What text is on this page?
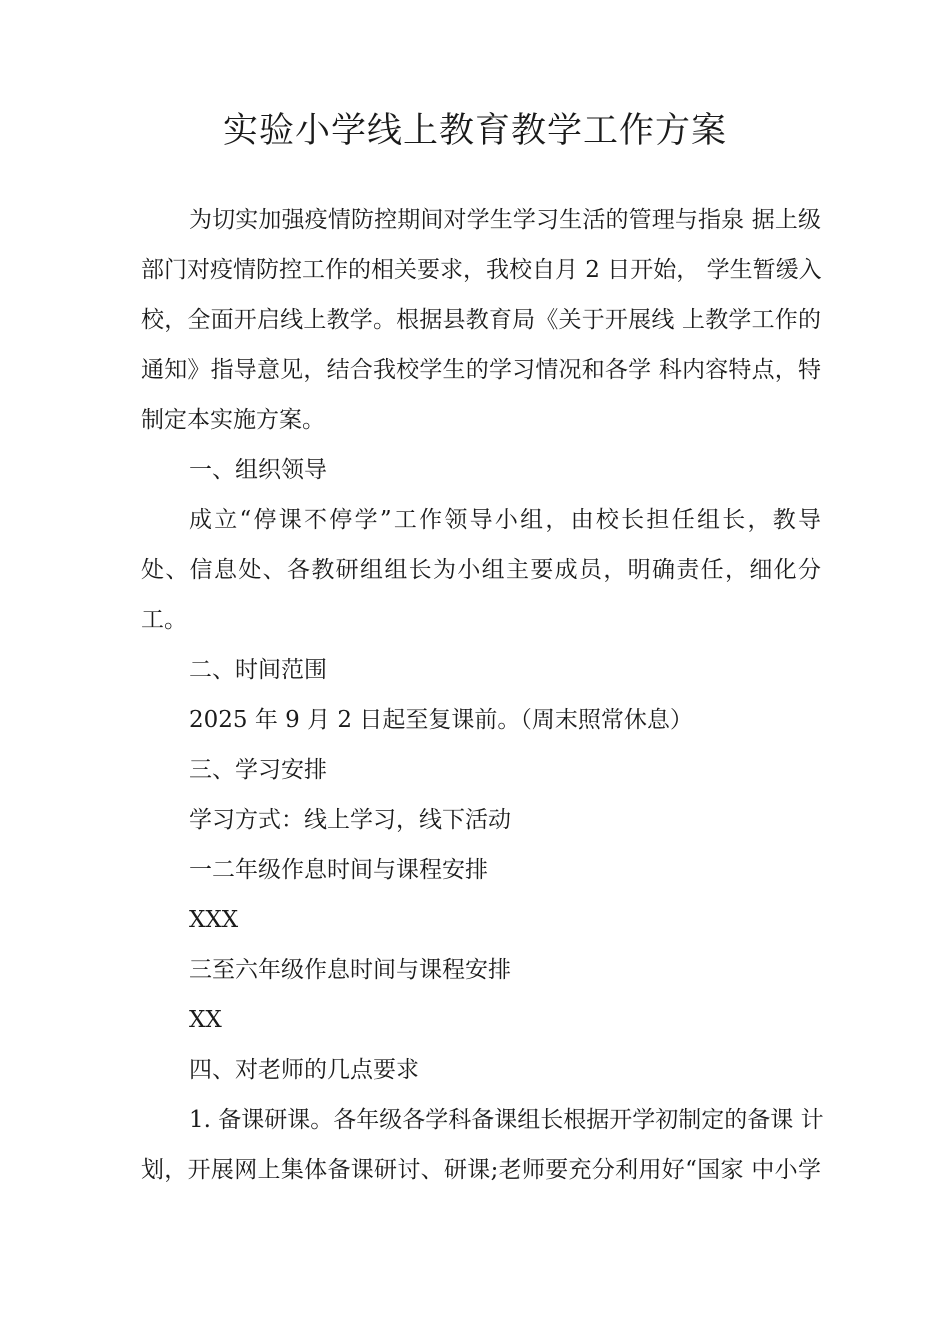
实验小学线上教育教学工作方案
为切实加强疫情防控期间对学生学习生活的管理与指泉 据上级
部门对疫情防控工作的相关要求，我校自月 2 日开始， 学生暂缓入
校，全面开启线上教学。根据县教育局《关于开展线 上教学工作的
通知》指导意见，结合我校学生的学习情况和各学 科内容特点，特
制定本实施方案。
一、组织领导
成立“停课不停学”工作领导小组，由校长担任组长，教导
处、信息处、各教研组组长为小组主要成员，明确责任，细化分
工。
二、时间范围
2025 年 9 月 2 日起至复课前。（周末照常休息）
三、学习安排
学习方式：线上学习，线下活动
一二年级作息时间与课程安排
XXX
三至六年级作息时间与课程安排
XX
四、对老师的几点要求
1. 备课研课。各年级各学科备课组长根据开学初制定的备课 计
划，开展网上集体备课研讨、研课;老师要充分利用好“国家 中小学
